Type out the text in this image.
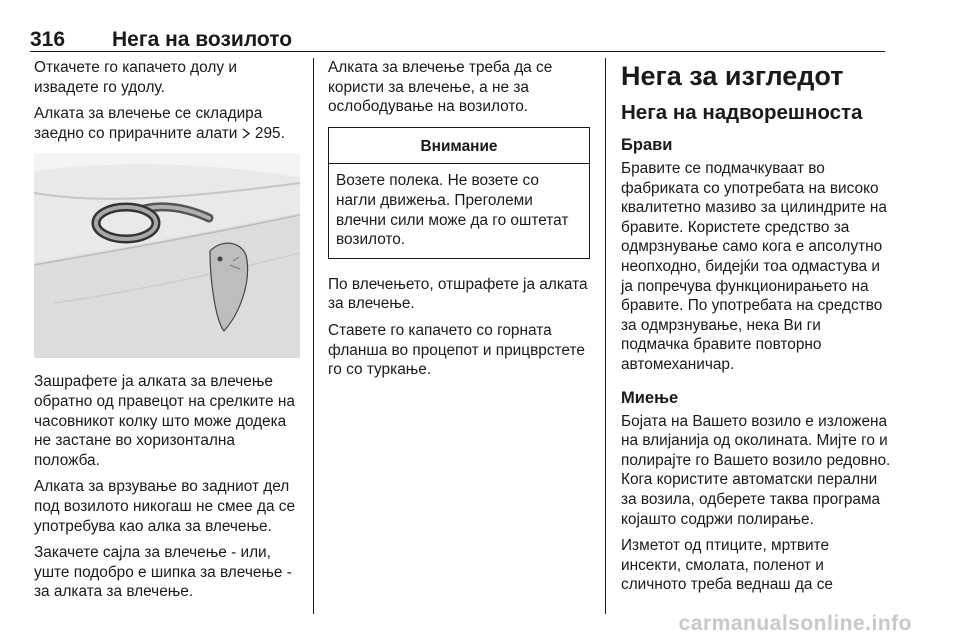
316 Нега на возилото

Откачете го капачето долу и извадете го удолу.

Алката за влечење се складира заедно со прирачните алати  295.

Зашрафете ја алката за влечење обратно од правецот на срелките на часовникот колку што може додека не застане во хоризонтална положба.

Алката за врзување во задниот дел под возилото никогаш не смее да се употребува као алка за влечење.

Закачете сајла за влечење - или, уште подобро е шипка за влечење - за алката за влечење.

Алката за влечење треба да се користи за влечење, а не за ослободување на возилото.

Внимание
Возете полека. Не возете со нагли движења. Преголеми влечни сили може да го оштетат возилото.

По влечењето, отшрафете ја алката за влечење.

Ставете го капачето со горната фланша во процепот и прицврстете го со туркање.

Нега за изгледот
Нега на надворешноста
Брави

Бравите се подмачкуваат во фабриката со употребата на високо квалитетно мазиво за цилиндрите на бравите. Користете средство за одмрзнување само кога е апсолутно неопходно, бидејќи тоа одмастува и ја попречува функционирањето на бравите. По употребата на средство за одмрзнување, нека Ви ги подмачка бравите повторно автомеханичар.

Миење

Бојата на Вашето возило е изложена на влијанија од околината. Мијте го и полирајте го Вашето возило редовно. Кога користите автоматски перални за возила, одберете таква програма којашто содржи полирање.

Изметот од птиците, мртвите инсекти, смолата, поленот и сличното треба веднаш да се

carmanualsonline.info
